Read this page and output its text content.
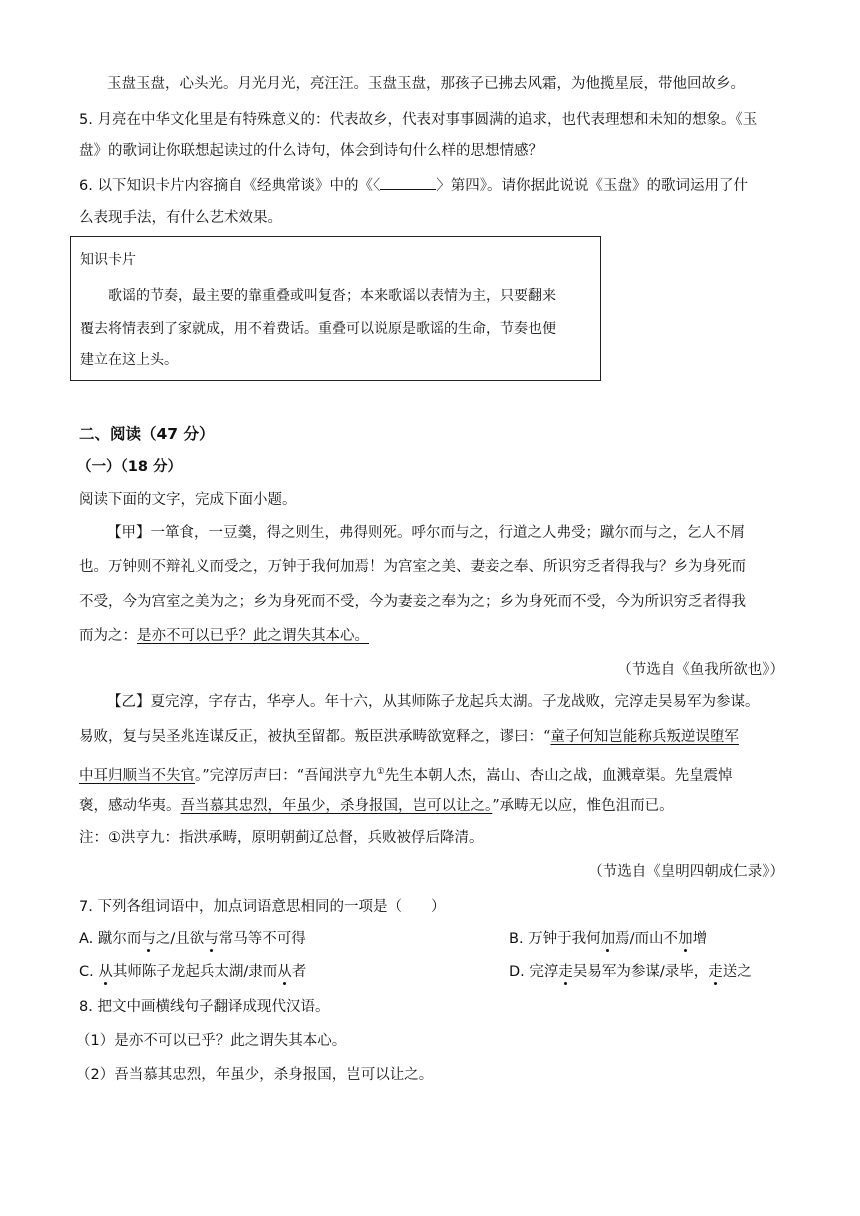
玉盘玉盘，心头光。月光月光，亮汪汪。玉盘玉盘，那孩子已拂去风霜，为他揽星辰，带他回故乡。
5. 月亮在中华文化里是有特殊意义的：代表故乡，代表对事事圆满的追求，也代表理想和未知的想象。《玉
盘》的歌词让你联想起读过的什么诗句，体会到诗句什么样的思想情感？
6. 以下知识卡片内容摘自《经典常谈》中的《〈	〉第四》。请你据此说说《玉盘》的歌词运用了什
么表现手法，有什么艺术效果。
知识卡片
歌谣的节奏，最主要的靠重叠或叫复沓；本来歌谣以表情为主，只要翻来
覆去将情表到了家就成，用不着费话。重叠可以说原是歌谣的生命，节奏也便
建立在这上头。
二、阅读（47 分）
（一）（18 分）
阅读下面的文字，完成下面小题。
【甲】一箪食，一豆羹，得之则生，弗得则死。呼尔而与之，行道之人弗受；蹴尔而与之，乞人不屑
也。万钟则不辩礼义而受之，万钟于我何加焉！为宫室之美、妻妾之奉、所识穷乏者得我与？乡为身死而
不受，今为宫室之美为之；乡为身死而不受，今为妻妾之奉为之；乡为身死而不受，今为所识穷乏者得我
而为之：是亦不可以已乎？此之谓失其本心。
（节选自《鱼我所欲也》）
【乙】夏完淳，字存古，华亭人。年十六，从其师陈子龙起兵太湖。子龙战败，完淳走吴易军为参谋。
易败，复与吴圣兆连谋反正，被执至留都。叛臣洪承畴欲宽释之，谬曰：“童子何知岂能称兵叛逆误堕军
中耳归顺当不失官。”完淳厉声曰：“吾闻洪亨九①先生本朝人杰，嵩山、杏山之战，血溅章渠。先皇震悼
褒，感动华夷。吾当慕其忠烈，年虽少，杀身报国，岂可以让之。”承畴无以应，惟色沮而已。
注：①洪亨九：指洪承畴，原明朝蓟辽总督，兵败被俘后降清。
（节选自《皇明四朝成仁录》）
7. 下列各组词语中，加点词语意思相同的一项是（　　）
A. 蹴尔而与之/且欲与常马等不可得	B. 万钟于我何加焉/而山不加增
C. 从其师陈子龙起兵太湖/隶而从者	D. 完淳走吴易军为参谋/录毕，走送之
8. 把文中画横线句子翻译成现代汉语。
（1）是亦不可以已乎？此之谓失其本心。
（2）吾当慕其忠烈，年虽少，杀身报国，岂可以让之。
